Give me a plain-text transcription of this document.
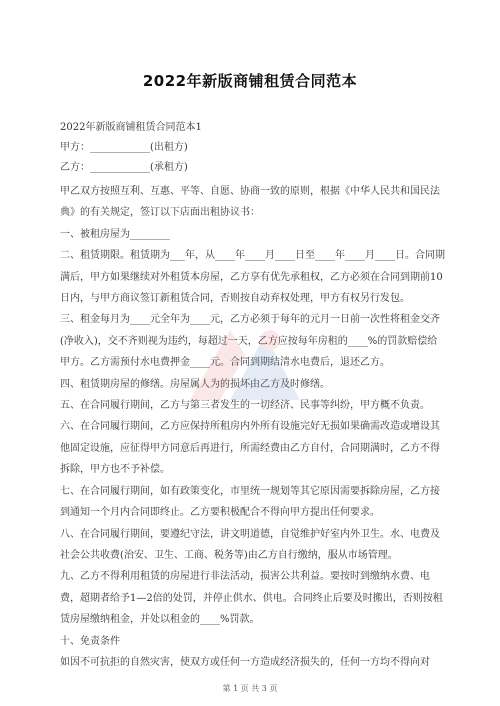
2022年新版商铺租赁合同范本
2022年新版商铺租赁合同范本1
甲方：____________(出租方)
乙方：____________(承租方)

甲乙双方按照互利、互惠、平等、自愿、协商一致的原则，根据《中华人民共和国民法典》的有关规定，签订以下店面出租协议书：

一、被租房屋为________

二、租赁期限。租赁期为___年，从____年____月____日至____年____月____日。合同期满后，甲方如果继续对外租赁本房屋，乙方享有优先承租权，乙方必须在合同到期前10日内，与甲方商议签订新租赁合同，否则按自动弃权处理，甲方有权另行发包。

三、租金每月为____元全年为____元，乙方必须于每年的元月一日前一次性将租金交齐(净收入)，交不齐则视为违约，每超过一天，乙方应按每年房租的____%的罚款赔偿给甲方。乙方需预付水电费押金____元。合同到期结清水电费后，退还乙方。

四、租赁期房屋的修缮。房屋属人为的损坏由乙方及时修缮。

五、在合同履行期间，乙方与第三者发生的一切经济、民事等纠纷，甲方概不负责。

六、在合同履行期间，乙方应保持所租房内外所有设施完好无损如果确需改造或增设其他固定设施，应征得甲方同意后再进行，所需经费由乙方自付，合同期满时，乙方不得拆除，甲方也不予补偿。

七、在合同履行期间，如有政策变化，市里统一规划等其它原因需要拆除房屋，乙方接到通知一个月内合同即终止。乙方要积极配合不得向甲方提出任何要求。

八、在合同履行期间，要遵纪守法，讲文明道德，自觉维护好室内外卫生。水、电费及社会公共收费(治安、卫生、工商、税务等)由乙方自行缴纳，服从市场管理。

九、乙方不得利用租赁的房屋进行非法活动，损害公共利益。要按时到缴纳水费、电费，超期者给予1—2倍的处罚，并停止供水、供电。合同终止后要及时搬出，否则按租赁房屋缴纳租金，并处以租金的____%罚款。

十、免责条件

如因不可抗拒的自然灾害，使双方或任何一方造成经济损失的，任何一方均不得向对

第 1 页 共 3 页
